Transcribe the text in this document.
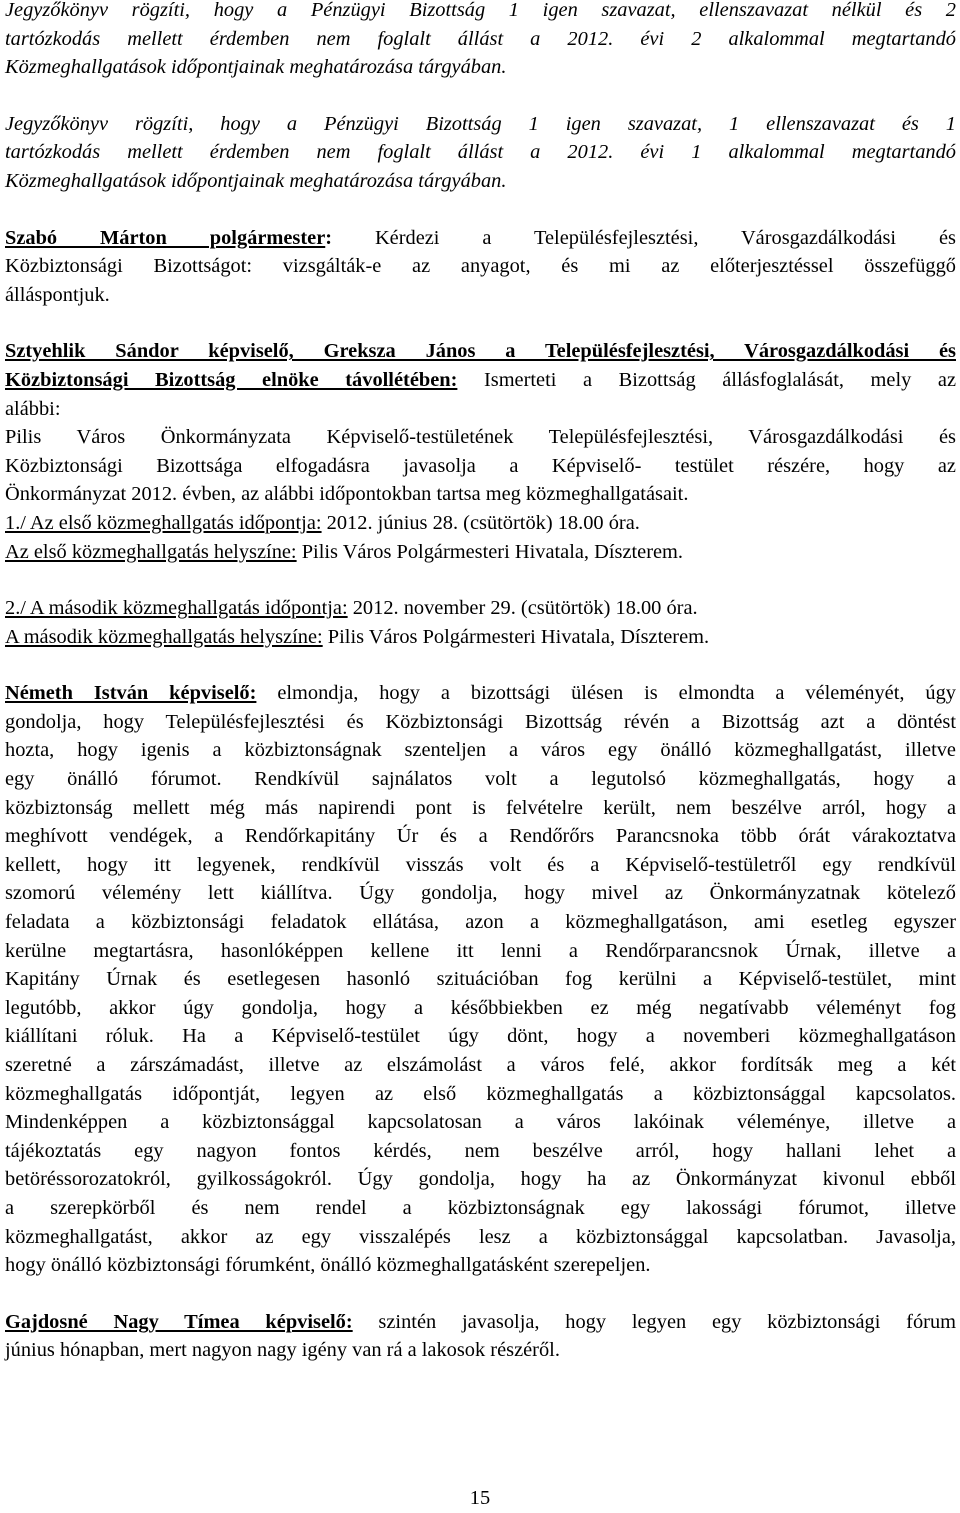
Jegyzőkönyv rögzíti, hogy a Pénzügyi Bizottság 1 igen szavazat, ellenszavazat nélkül és 2
tartózkodás mellett érdemben nem foglalt állást a 2012. évi 2 alkalommal megtartandó
Közmeghallgatások időpontjainak meghatározása tárgyában.

Jegyzőkönyv rögzíti, hogy a Pénzügyi Bizottság 1 igen szavazat, 1 ellenszavazat és 1
tartózkodás mellett érdemben nem foglalt állást a 2012. évi 1 alkalommal megtartandó
Közmeghallgatások időpontjainak meghatározása tárgyában.

Szabó Márton polgármester: Kérdezi a Településfejlesztési, Városgazdálkodási és
Közbiztonsági Bizottságot: vizsgálták-e az anyagot, és mi az előterjesztéssel összefüggő
álláspontjuk.

Sztyehlik Sándor képviselő, Greksza János a Településfejlesztési, Városgazdálkodási és
Közbiztonsági Bizottság elnöke távollétében: Ismerteti a Bizottság állásfoglalását, mely az
alábbi:
Pilis Város Önkormányzata Képviselő-testületének Településfejlesztési, Városgazdálkodási és
Közbiztonsági Bizottsága elfogadásra javasolja a Képviselő- testület részére, hogy az
Önkormányzat 2012. évben, az alábbi időpontokban tartsa meg közmeghallgatásait.
1./ Az első közmeghallgatás időpontja: 2012. június 28. (csütörtök) 18.00 óra.
Az első közmeghallgatás helyszíne: Pilis Város Polgármesteri Hivatala, Díszterem.
2./ A második közmeghallgatás időpontja: 2012. november 29. (csütörtök) 18.00 óra.
A második közmeghallgatás helyszíne: Pilis Város Polgármesteri Hivatala, Díszterem.

Németh István képviselő: elmondja, hogy a bizottsági ülésen is elmondta a véleményét, úgy
gondolja, hogy Településfejlesztési és Közbiztonsági Bizottság révén a Bizottság azt a döntést
hozta, hogy igenis a közbiztonságnak szenteljen a város egy önálló közmeghallgatást, illetve
egy önálló fórumot. Rendkívül sajnálatos volt a legutolsó közmeghallgatás, hogy a
közbiztonság mellett még más napirendi pont is felvételre került, nem beszélve arról, hogy a
meghívott vendégek, a Rendőrkapitány Úr és a Rendőrőrs Parancsnoka több órát várakoztatva
kellett, hogy itt legyenek, rendkívül visszás volt és a Képviselő-testületről egy rendkívül
szomorú vélemény lett kiállítva. Úgy gondolja, hogy mivel az Önkormányzatnak kötelező
feladata a közbiztonsági feladatok ellátása, azon a közmeghallgatáson, ami esetleg egyszer
kerülne megtartásra, hasonlóképpen kellene itt lenni a Rendőrparancsnok Úrnak, illetve a
Kapitány Úrnak és esetlegesen hasonló szituációban fog kerülni a Képviselő-testület, mint
legutóbb, akkor úgy gondolja, hogy a későbbiekben ez még negatívabb véleményt fog
kiállítani róluk. Ha a Képviselő-testület úgy dönt, hogy a novemberi közmeghallgatáson
szeretné a zárszámadást, illetve az elszámolást a város felé, akkor fordítsák meg a két
közmeghallgatás időpontját, legyen az első közmeghallgatás a közbiztonsággal kapcsolatos.
Mindenképpen a közbiztonsággal kapcsolatosan a város lakóinak véleménye, illetve a
tájékoztatás egy nagyon fontos kérdés, nem beszélve arról, hogy hallani lehet a
betöréssorozatokról, gyilkosságokról. Úgy gondolja, hogy ha az Önkormányzat kivonul ebből
a szerepkörből és nem rendel a közbiztonságnak egy lakossági fórumot, illetve
közmeghallgatást, akkor az egy visszalépés lesz a közbiztonsággal kapcsolatban. Javasolja,
hogy önálló közbiztonsági fórumként, önálló közmeghallgatásként szerepeljen.

Gajdosné Nagy Tímea képviselő: szintén javasolja, hogy legyen egy közbiztonsági fórum
június hónapban, mert nagyon nagy igény van rá a lakosok részéről.

15
